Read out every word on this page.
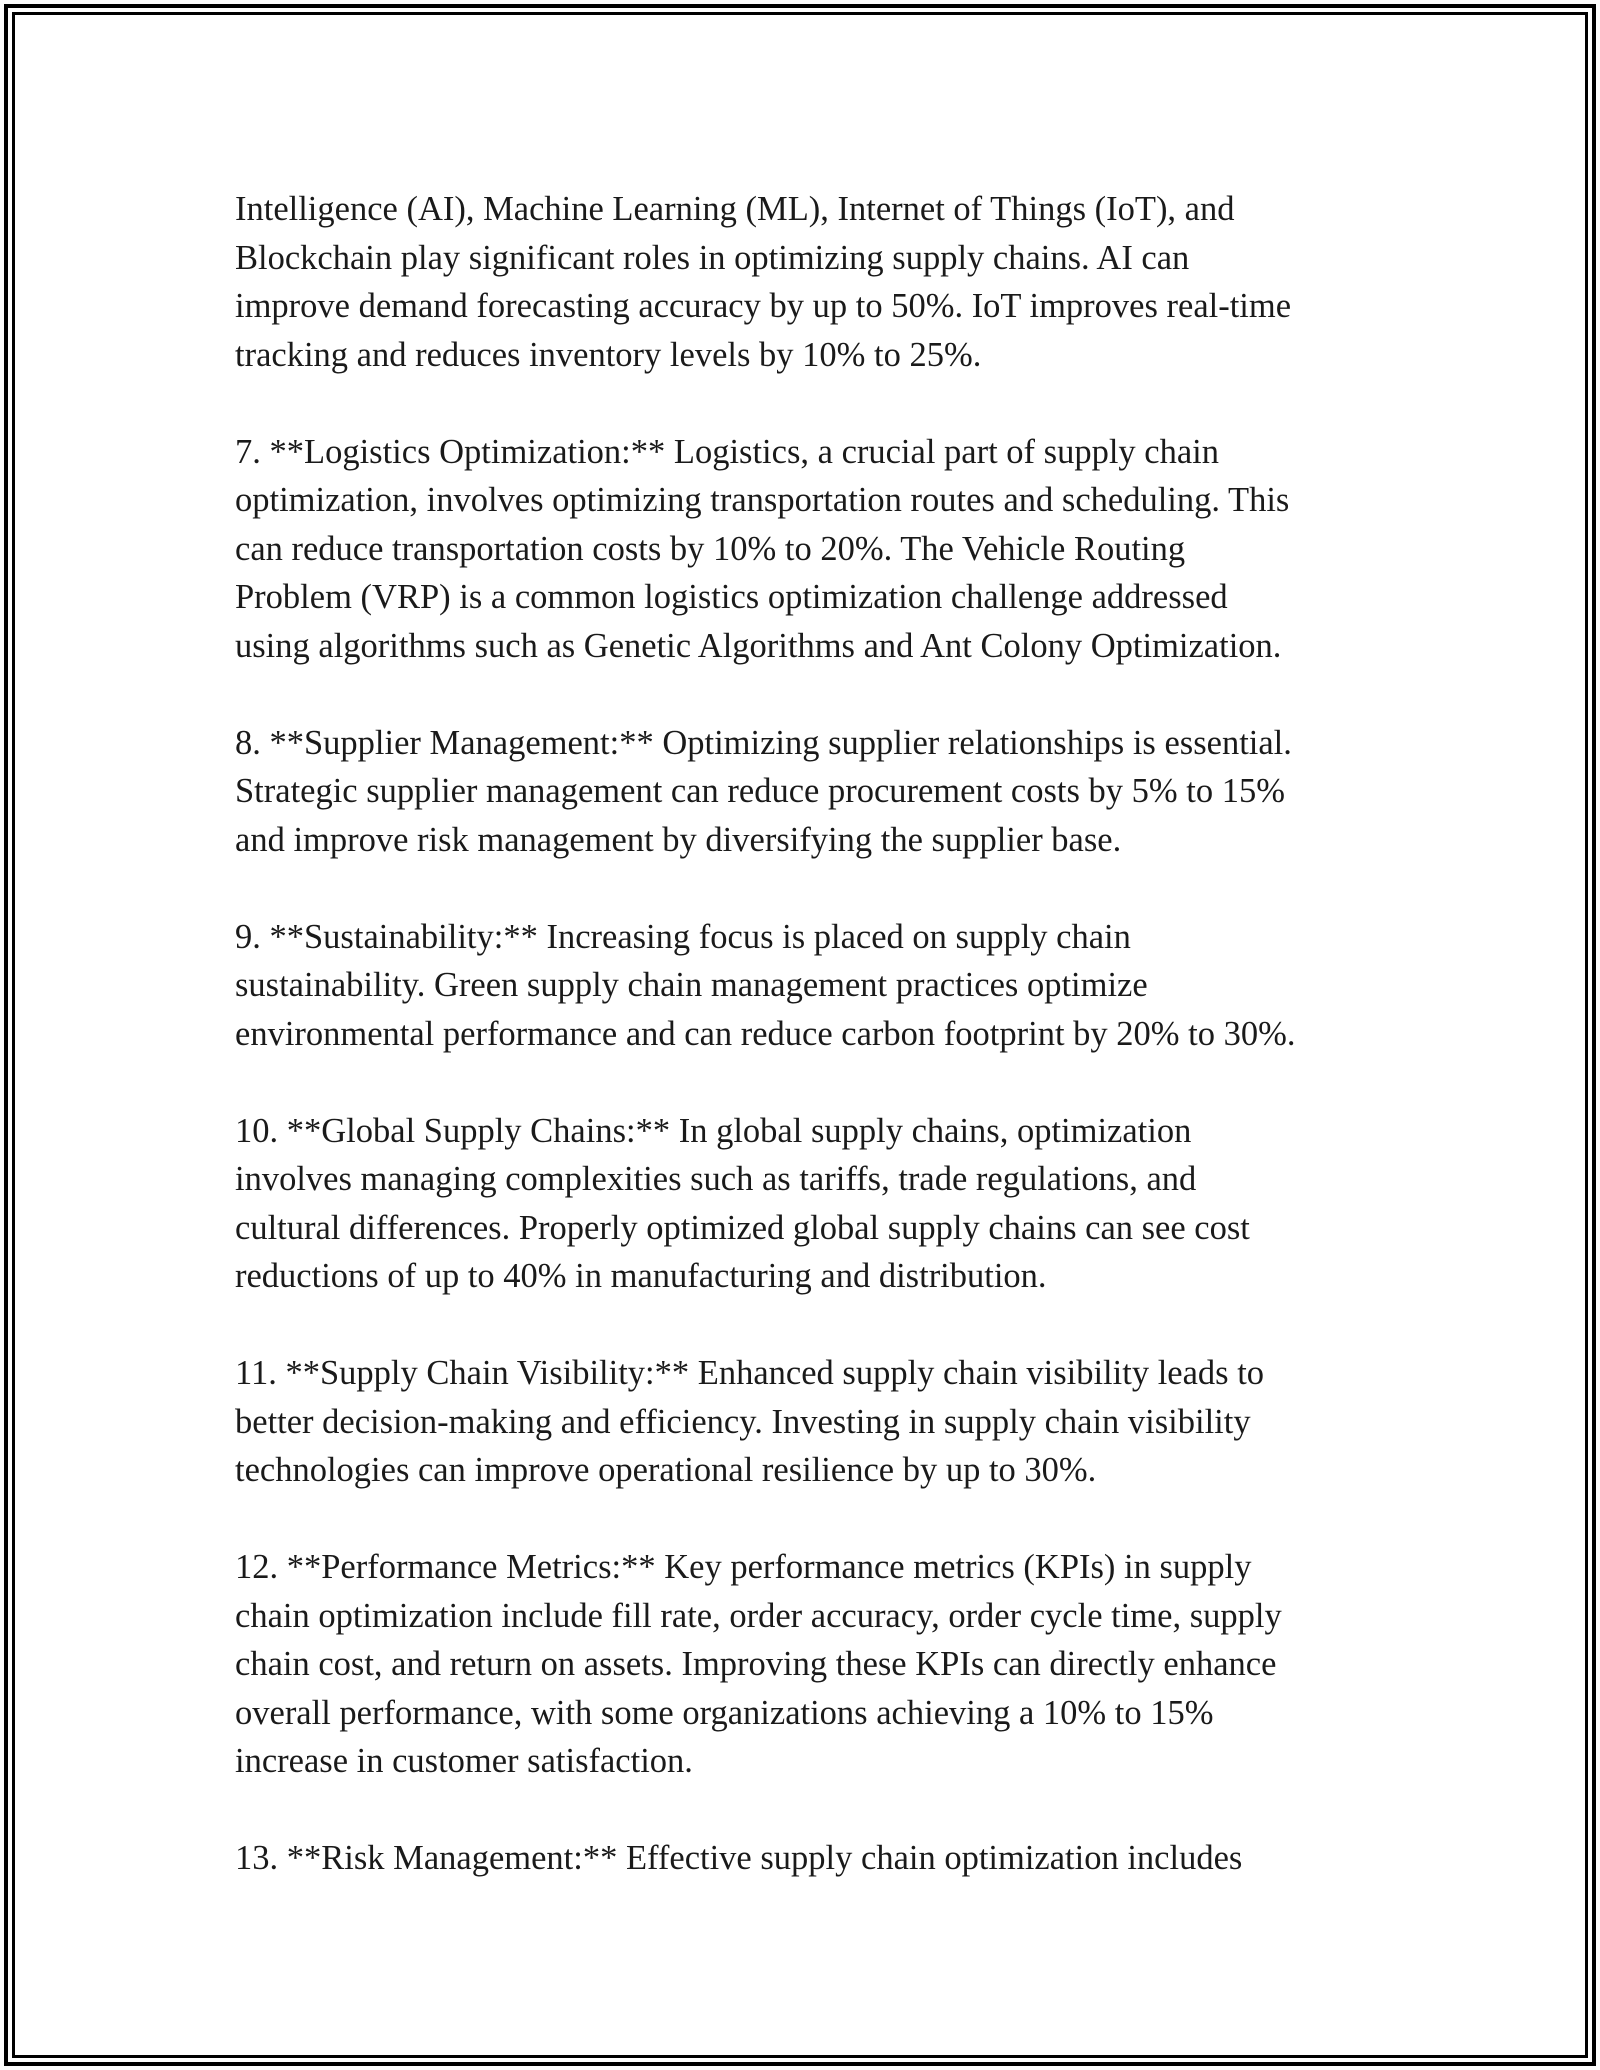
Intelligence (AI), Machine Learning (ML), Internet of Things (IoT), and
Blockchain play significant roles in optimizing supply chains. AI can
improve demand forecasting accuracy by up to 50%. IoT improves real-time
tracking and reduces inventory levels by 10% to 25%.

7. **Logistics Optimization:** Logistics, a crucial part of supply chain
optimization, involves optimizing transportation routes and scheduling. This
can reduce transportation costs by 10% to 20%. The Vehicle Routing
Problem (VRP) is a common logistics optimization challenge addressed
using algorithms such as Genetic Algorithms and Ant Colony Optimization.

8. **Supplier Management:** Optimizing supplier relationships is essential.
Strategic supplier management can reduce procurement costs by 5% to 15%
and improve risk management by diversifying the supplier base.

9. **Sustainability:** Increasing focus is placed on supply chain
sustainability. Green supply chain management practices optimize
environmental performance and can reduce carbon footprint by 20% to 30%.

10. **Global Supply Chains:** In global supply chains, optimization
involves managing complexities such as tariffs, trade regulations, and
cultural differences. Properly optimized global supply chains can see cost
reductions of up to 40% in manufacturing and distribution.

11. **Supply Chain Visibility:** Enhanced supply chain visibility leads to
better decision-making and efficiency. Investing in supply chain visibility
technologies can improve operational resilience by up to 30%.

12. **Performance Metrics:** Key performance metrics (KPIs) in supply
chain optimization include fill rate, order accuracy, order cycle time, supply
chain cost, and return on assets. Improving these KPIs can directly enhance
overall performance, with some organizations achieving a 10% to 15%
increase in customer satisfaction.

13. **Risk Management:** Effective supply chain optimization includes
